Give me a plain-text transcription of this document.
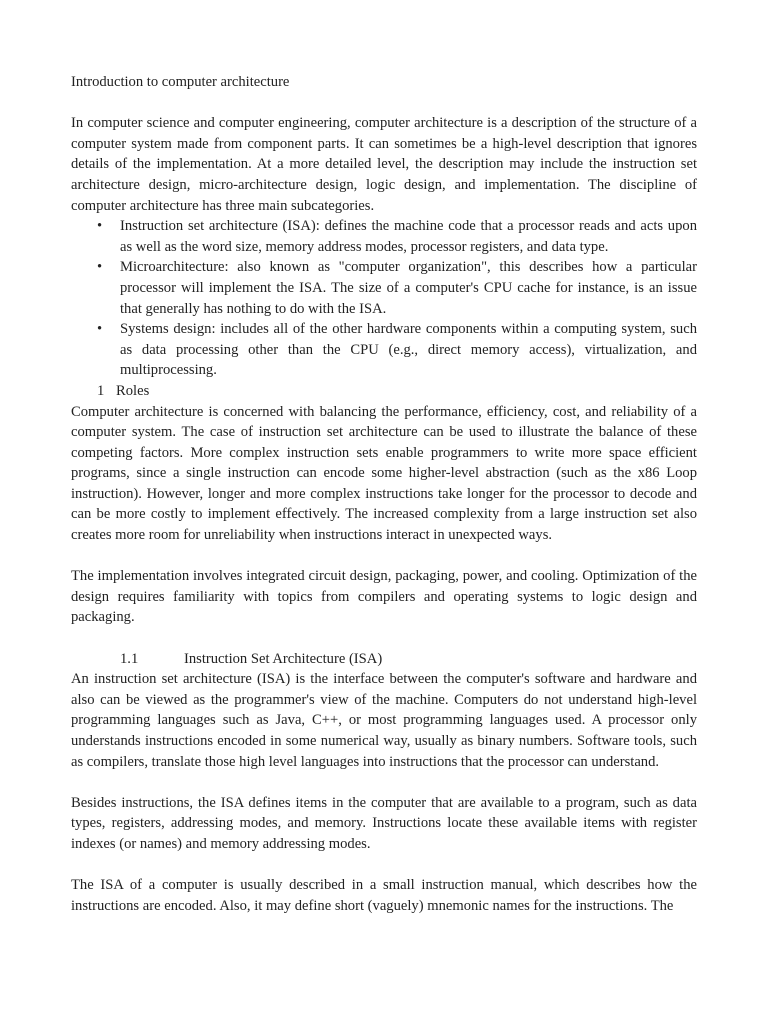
Introduction to computer architecture

In computer science and computer engineering, computer architecture is a description of the structure of a computer system made from component parts. It can sometimes be a high-level description that ignores details of the implementation. At a more detailed level, the description may include the instruction set architecture design, micro-architecture design, logic design, and implementation. The discipline of computer architecture has three main subcategories.

• Instruction set architecture (ISA): defines the machine code that a processor reads and acts upon as well as the word size, memory address modes, processor registers, and data type.
• Microarchitecture: also known as "computer organization", this describes how a particular processor will implement the ISA. The size of a computer's CPU cache for instance, is an issue that generally has nothing to do with the ISA.
• Systems design: includes all of the other hardware components within a computing system, such as data processing other than the CPU (e.g., direct memory access), virtualization, and multiprocessing.

1 Roles

Computer architecture is concerned with balancing the performance, efficiency, cost, and reliability of a computer system. The case of instruction set architecture can be used to illustrate the balance of these competing factors. More complex instruction sets enable programmers to write more space efficient programs, since a single instruction can encode some higher-level abstraction (such as the x86 Loop instruction). However, longer and more complex instructions take longer for the processor to decode and can be more costly to implement effectively. The increased complexity from a large instruction set also creates more room for unreliability when instructions interact in unexpected ways.

The implementation involves integrated circuit design, packaging, power, and cooling. Optimization of the design requires familiarity with topics from compilers and operating systems to logic design and packaging.

1.1	Instruction Set Architecture (ISA)

An instruction set architecture (ISA) is the interface between the computer's software and hardware and also can be viewed as the programmer's view of the machine. Computers do not understand high-level programming languages such as Java, C++, or most programming languages used. A processor only understands instructions encoded in some numerical way, usually as binary numbers. Software tools, such as compilers, translate those high level languages into instructions that the processor can understand.

Besides instructions, the ISA defines items in the computer that are available to a program, such as data types, registers, addressing modes, and memory. Instructions locate these available items with register indexes (or names) and memory addressing modes.

The ISA of a computer is usually described in a small instruction manual, which describes how the instructions are encoded. Also, it may define short (vaguely) mnemonic names for the instructions. The
